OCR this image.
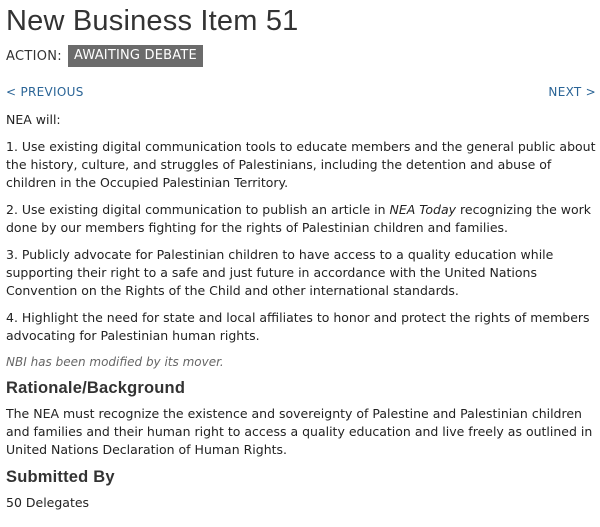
New Business Item 51
ACTION: AWAITING DEBATE
< PREVIOUS	NEXT >
NEA will:
1. Use existing digital communication tools to educate members and the general public about the history, culture, and struggles of Palestinians, including the detention and abuse of children in the Occupied Palestinian Territory.
2. Use existing digital communication to publish an article in NEA Today recognizing the work done by our members fighting for the rights of Palestinian children and families.
3. Publicly advocate for Palestinian children to have access to a quality education while supporting their right to a safe and just future in accordance with the United Nations Convention on the Rights of the Child and other international standards.
4. Highlight the need for state and local affiliates to honor and protect the rights of members advocating for Palestinian human rights.
NBI has been modified by its mover.
Rationale/Background
The NEA must recognize the existence and sovereignty of Palestine and Palestinian children and families and their human right to access a quality education and live freely as outlined in United Nations Declaration of Human Rights.
Submitted By
50 Delegates
